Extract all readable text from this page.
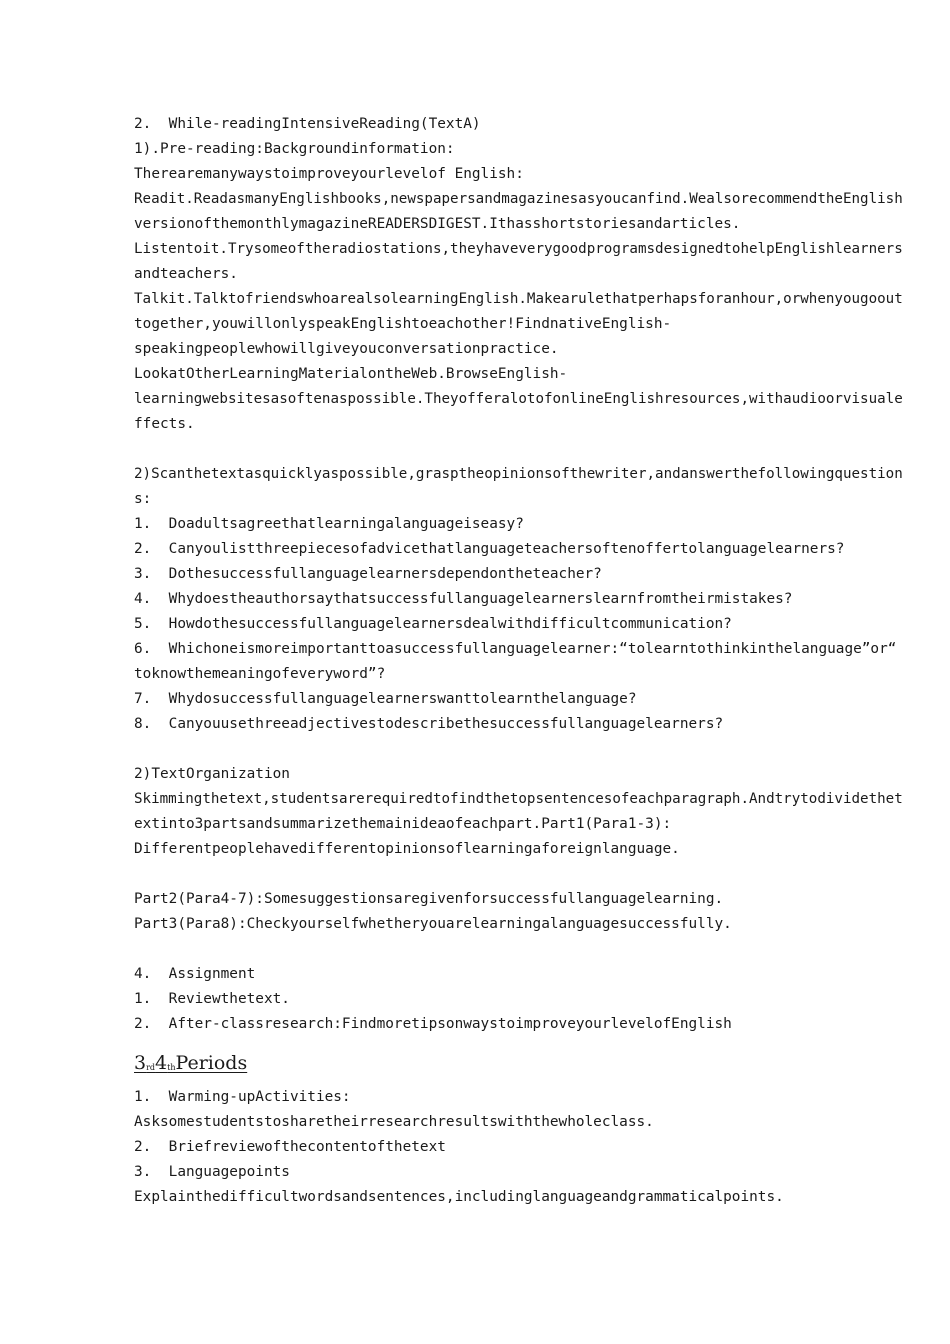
2.  While-readingIntensiveReading(TextA)
1).Pre-reading:Backgroundinformation:
Therearemanywaystoimproveyourlevelof English:
Readit.ReadasmanyEnglishbooks,newspapersandmagazinesasyoucanfind.WealsorecommendtheEnglish
versionofthemonthlymagazineREADERSDIGEST.Ithasshortstoriesandarticles.
Listentoit.Trysomeoftheradiostations,theyhaveverygoodprogramsdesignedtohelpEnglishlearners
andteachers.
Talkit.TalktofriendswhoarealsolearningEnglish.Makearulethatperhapsforanhour,orwhenyougoout
together,youwillonlyspeakEnglishtoeachother!FindnativeEnglish-
speakingpeoplewhowillgiveyouconversationpractice.
LookatOtherLearningMaterialontheWeb.BrowseEnglish-
learningwebsitesasoftenaspossible.TheyofferalotofonlineEnglishresources,withaudioorvisuale
ffects.
2)Scanthetextasquicklyaspossible,grasptheopinionsofthewriter,andanswerthefollowingquestion
s:
1.  Doadultsagreethatlearningalanguageiseasy?
2.  Canyoulistthreepiecesofadvicethatlanguageteachersoftenoffertolanguagelearners?
3.  Dothesuccessfullanguagelearnersdependontheteacher?
4.  Whydoestheauthorsaythatsuccessfullanguagelearnerslearnfromtheirmistakes?
5.  Howdothesuccessfullanguagelearnersdealwithdifficultcommunication?
6.  Whichoneismoreimportanttoasuccessfullanguagelearner:“tolearntothinkinthelanguage”or“
toknowthemeaningofeveryword”?
7.  Whydosuccessfullanguagelearnerswanttolearnthelanguage?
8.  Canyouusethreeadjectivestodescribethesuccessfullanguagelearners?
2)TextOrganization
Skimmingthetext,studentsarerequiredtofindthetopsentencesofeachparagraph.Andtrytodividethet
extinto3partsandsummarizethemainideaofeachpart.Part1(Para1-3):
Differentpeoplehavedifferentopinionsoflearningaforeignlanguage.
Part2(Para4-7):Somesuggestionsaregivenforsuccessfullanguagelearning.
Part3(Para8):Checkyourselfwhetheryouarelearningalanguagesuccessfully.
4.  Assignment
1.  Reviewthetext.
2.  After-classresearch:FindmoretipsonwaystoimproveyourlevelofEnglish
$3_{rd}4_{th}Periods$
1.  Warming-upActivities:
Asksomestudentstosharetheirresearchresultswiththewholeclass.
2.  Briefreviewofthecontentofthetext
3.  Languagepoints
Explainthedifficultwordsandsentences,includinglanguageandgrammaticalpoints.
